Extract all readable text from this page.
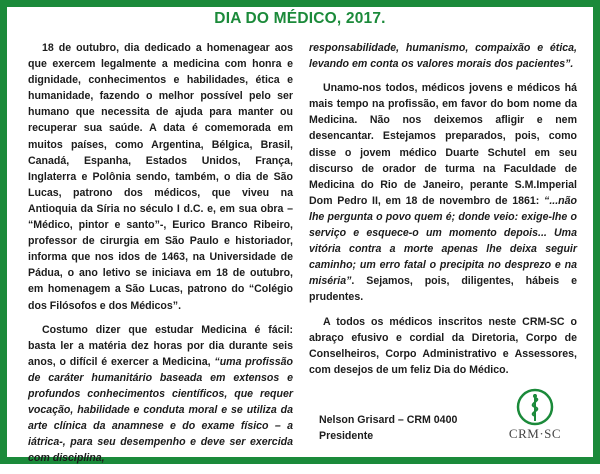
DIA DO MÉDICO, 2017.

18 de outubro, dia dedicado a homenagear aos que exercem legalmente a medicina com honra e dignidade, conhecimentos e habilidades, ética e humanidade, fazendo o melhor possível pelo ser humano que necessita de ajuda para manter ou recuperar sua saúde. A data é comemorada em muitos países, como Argentina, Bélgica, Brasil, Canadá, Espanha, Estados Unidos, França, Inglaterra e Polônia sendo, também, o dia de São Lucas, patrono dos médicos, que viveu na Antioquia da Síria no século I d.C. e, em sua obra – “Médico, pintor e santo”-, Eurico Branco Ribeiro, professor de cirurgia em São Paulo e historiador, informa que nos idos de 1463, na Universidade de Pádua, o ano letivo se iniciava em 18 de outubro, em homenagem a São Lucas, patrono do “Colégio dos Filósofos e dos Médicos”.

Costumo dizer que estudar Medicina é fácil: basta ler a matéria dez horas por dia durante seis anos, o difícil é exercer a Medicina, “uma profissão de caráter humanitário baseada em extensos e profundos conhecimentos científicos, que requer vocação, habilidade e conduta moral e se utiliza da arte clínica da anamnese e do exame físico – a iátrica-, para seu desempenho e deve ser exercida com disciplina,

responsabilidade, humanismo, compaixão e ética, levando em conta os valores morais dos pacientes”.

Unamo-nos todos, médicos jovens e médicos há mais tempo na profissão, em favor do bom nome da Medicina. Não nos deixemos afligir e nem desencantar. Estejamos preparados, pois, como disse o jovem médico Duarte Schutel em seu discurso de orador de turma na Faculdade de Medicina do Rio de Janeiro, perante S.M.Imperial Dom Pedro II, em 18 de novembro de 1861: “...não lhe pergunta o povo quem é; donde veio: exige-lhe o serviço e esquece-o um momento depois... Uma vitória contra a morte apenas lhe deixa seguir caminho; um erro fatal o precipita no desprezo e na miséria”. Sejamos, pois, diligentes, hábeis e prudentes.

A todos os médicos inscritos neste CRM-SC o abraço efusivo e cordial da Diretoria, Corpo de Conselheiros, Corpo Administrativo e Assessores, com desejos de um feliz Dia do Médico.

Nelson Grisard – CRM 0400
Presidente	CRM·SC
